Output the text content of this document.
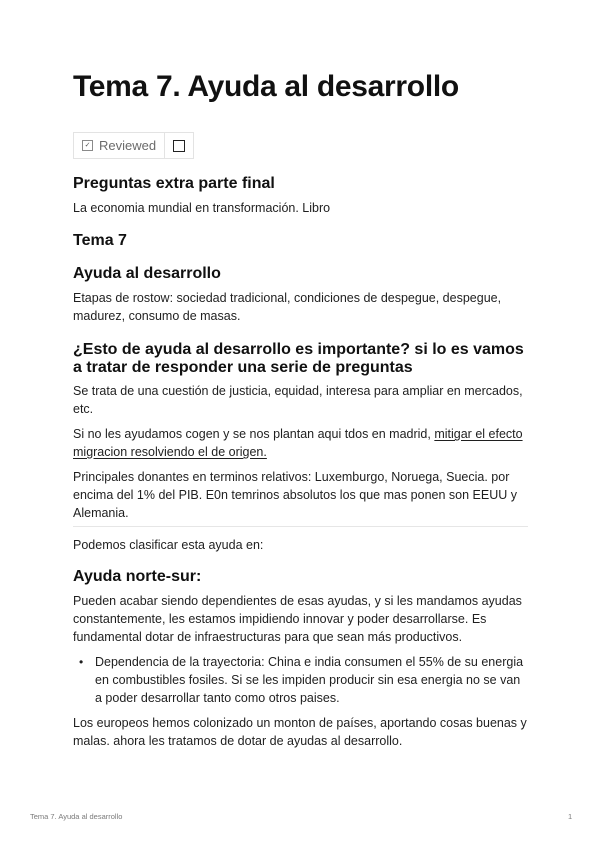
Tema 7. Ayuda al desarrollo
✓ Reviewed
Preguntas extra parte final

La economia mundial en transformación. Libro

Tema 7
Ayuda al desarrollo

Etapas de rostow: sociedad tradicional, condiciones de despegue, despegue, madurez, consumo de masas.

¿Esto de ayuda al desarrollo es importante? si lo es vamos a tratar de responder una serie de preguntas

Se trata de una cuestión de justicia, equidad, interesa para ampliar en mercados, etc.

Si no les ayudamos cogen y se nos plantan aqui tdos en madrid, mitigar el efecto migracion resolviendo el de origen.

Principales donantes en terminos relativos: Luxemburgo, Noruega, Suecia. por encima del 1% del PIB. E0n temrinos absolutos los que mas ponen son EEUU y Alemania.

Podemos clasificar esta ayuda en:

Ayuda norte-sur:

Pueden acabar siendo dependientes de esas ayudas, y si les mandamos ayudas constantemente, les estamos impidiendo innovar y poder desarrollarse. Es fundamental dotar de infraestructuras para que sean más productivos.

• Dependencia de la trayectoria: China e india consumen el 55% de su energia en combustibles fosiles. Si se les impiden producir sin esa energia no se van a poder desarrollar tanto como otros paises.

Los europeos hemos colonizado un monton de países, aportando cosas buenas y malas. ahora les tratamos de dotar de ayudas al desarrollo.

Tema 7. Ayuda al desarrollo	1
